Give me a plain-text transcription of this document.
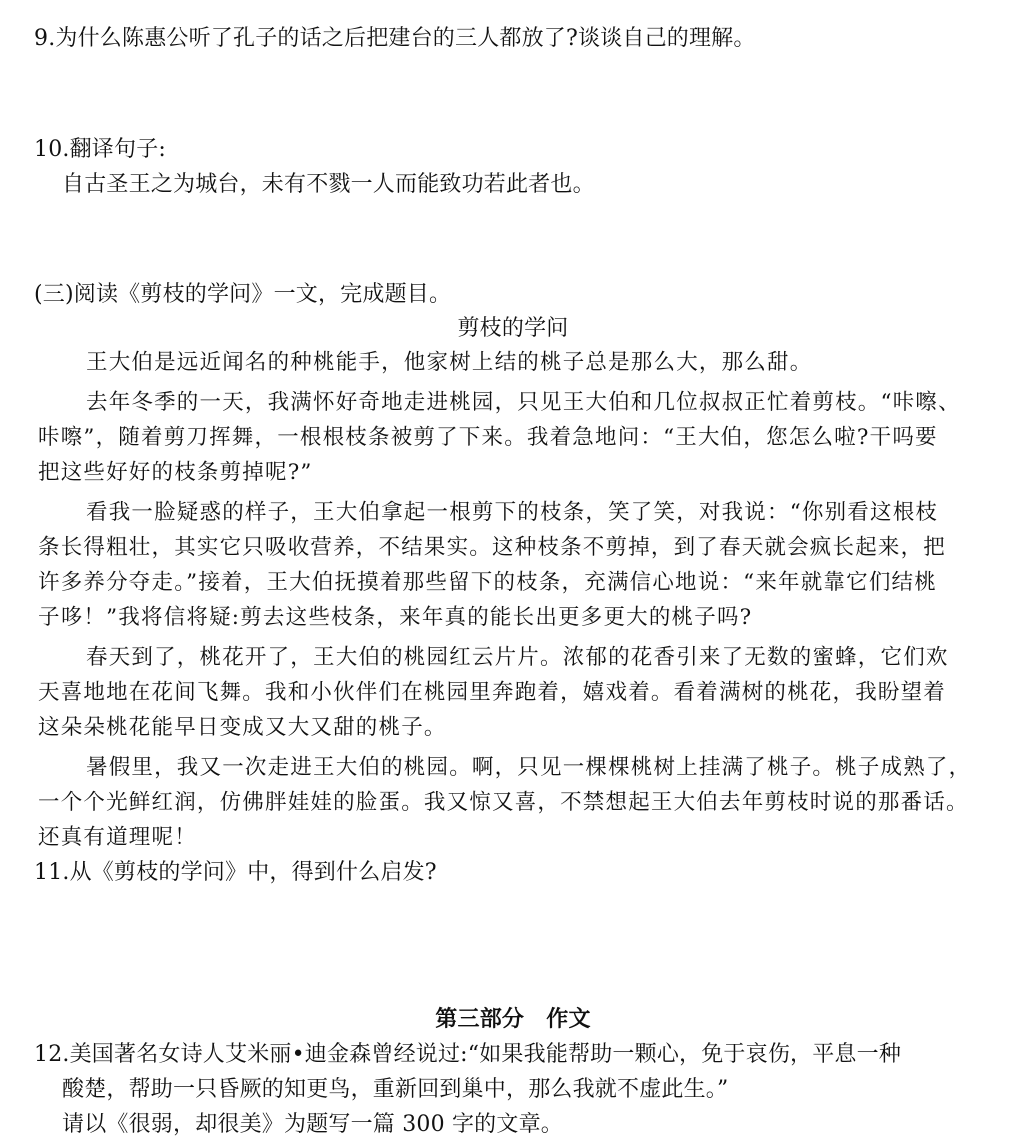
9.为什么陈惠公听了孔子的话之后把建台的三人都放了?谈谈自己的理解。
10.翻译句子:
自古圣王之为城台，未有不戮一人而能致功若此者也。
(三)阅读《剪枝的学问》一文，完成题目。
剪枝的学问
王大伯是远近闻名的种桃能手，他家树上结的桃子总是那么大，那么甜。
去年冬季的一天，我满怀好奇地走进桃园，只见王大伯和几位叔叔正忙着剪枝。“咔嚓、
咔嚓”，随着剪刀挥舞，一根根枝条被剪了下来。我着急地问：“王大伯，您怎么啦?干吗要
把这些好好的枝条剪掉呢?”
看我一脸疑惑的样子，王大伯拿起一根剪下的枝条，笑了笑，对我说：“你别看这根枝
条长得粗壮，其实它只吸收营养，不结果实。这种枝条不剪掉，到了春天就会疯长起来，把
许多养分夺走。”接着，王大伯抚摸着那些留下的枝条，充满信心地说：“来年就靠它们结桃
子哆！”我将信将疑:剪去这些枝条，来年真的能长出更多更大的桃子吗?
春天到了，桃花开了，王大伯的桃园红云片片。浓郁的花香引来了无数的蜜蜂，它们欢
天喜地地在花间飞舞。我和小伙伴们在桃园里奔跑着，嬉戏着。看着满树的桃花，我盼望着
这朵朵桃花能早日变成又大又甜的桃子。
暑假里，我又一次走进王大伯的桃园。啊，只见一棵棵桃树上挂满了桃子。桃子成熟了，
一个个光鲜红润，仿佛胖娃娃的脸蛋。我又惊又喜，不禁想起王大伯去年剪枝时说的那番话。
还真有道理呢！
11.从《剪枝的学问》中，得到什么启发?
第三部分　作文
12.美国著名女诗人艾米丽•迪金森曾经说过:“如果我能帮助一颗心，免于哀伤，平息一种
酸楚，帮助一只昏厥的知更鸟，重新回到巢中，那么我就不虚此生。”
请以《很弱，却很美》为题写一篇 300 字的文章。
